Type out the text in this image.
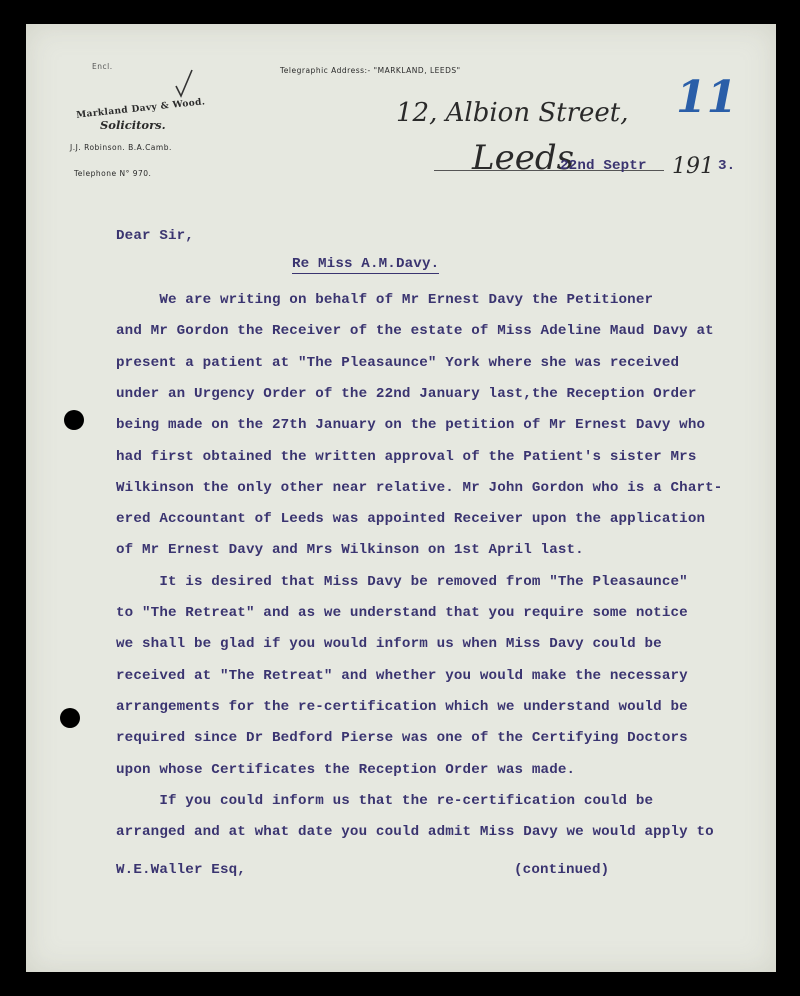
Encl.
Markland Davy & Wood.
Solicitors.
J.J. Robinson. B.A.Camb.
Telephone N° 970.
Telegraphic Address:- "MARKLAND, LEEDS"
12, Albion Street,
Leeds
22nd Septr 191 3.
11
Dear Sir,
Re Miss A.M.Davy.
We are writing on behalf of Mr Ernest Davy the Petitioner
and Mr Gordon the Receiver of the estate of Miss Adeline Maud Davy at
present a patient at "The Pleasaunce" York where she was received
under an Urgency Order of the 22nd January last,the Reception Order
being made on the 27th January on the petition of Mr Ernest Davy who
had first obtained the written approval of the Patient's sister Mrs
Wilkinson the only other near relative. Mr John Gordon who is a Chart-
ered Accountant of Leeds was appointed Receiver upon the application
of Mr Ernest Davy and Mrs Wilkinson on 1st April last.
It is desired that Miss Davy be removed from "The Pleasaunce"
to "The Retreat" and as we understand that you require some notice
we shall be glad if you would inform us when Miss Davy could be
received at "The Retreat" and whether you would make the necessary
arrangements for the re-certification which we understand would be
required since Dr Bedford Pierse was one of the Certifying Doctors
upon whose Certificates the Reception Order was made.
If you could inform us that the re-certification could be
arranged and at what date you could admit Miss Davy we would apply to
W.E.Waller Esq,	(continued)
